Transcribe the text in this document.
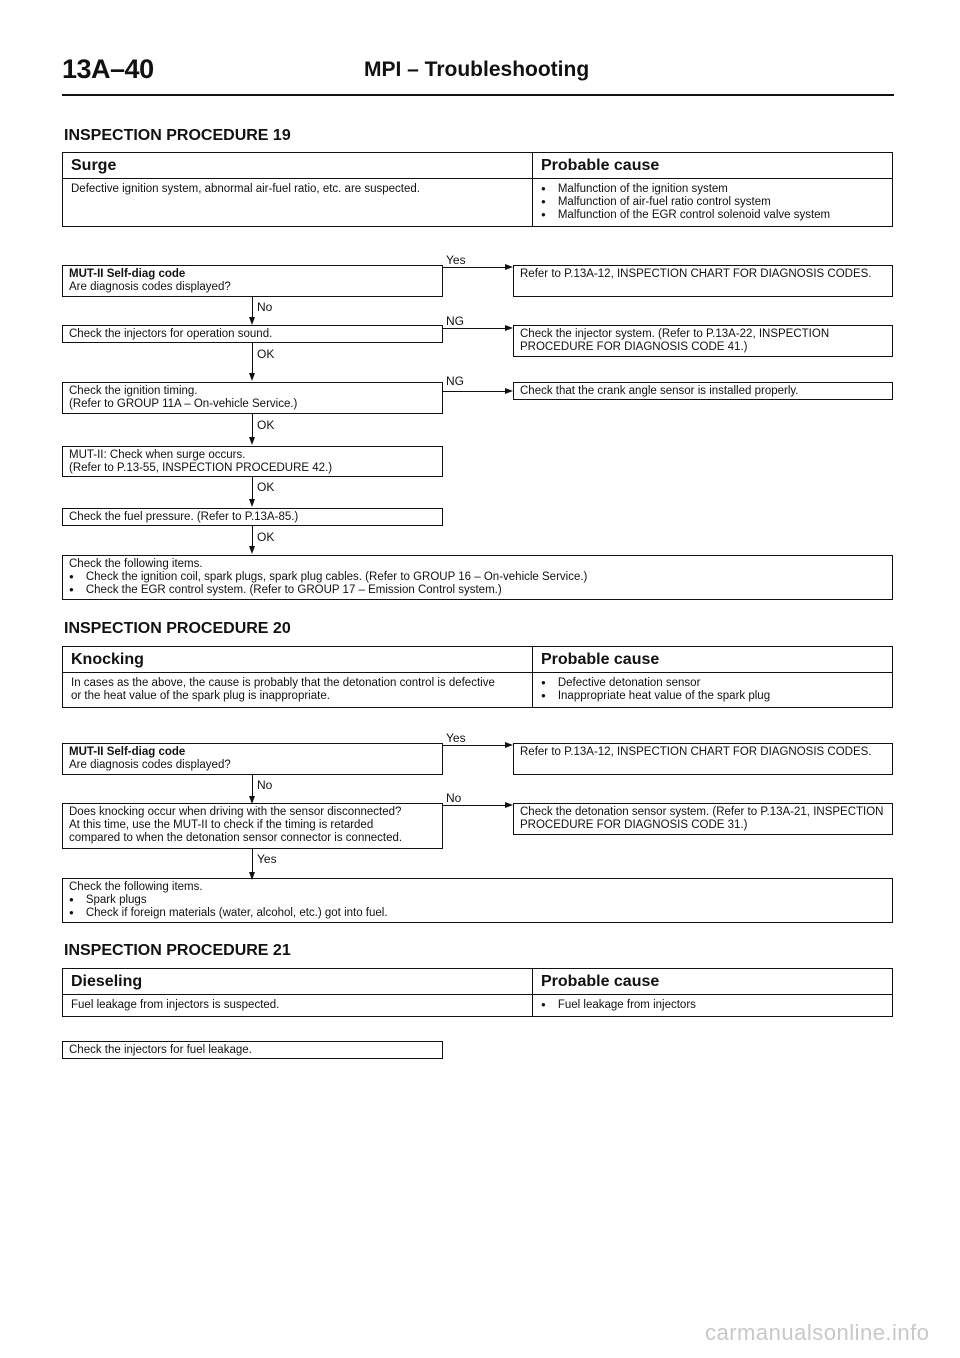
13A–40	MPI – Troubleshooting
INSPECTION PROCEDURE 19
Surge	Probable cause
Defective ignition system, abnormal air-fuel ratio, etc. are suspected.	● Malfunction of the ignition system
● Malfunction of air-fuel ratio control system
● Malfunction of the EGR control solenoid valve system
MUT-II Self-diag code
Are diagnosis codes displayed?
Yes
Refer to P.13A-12, INSPECTION CHART FOR DIAGNOSIS CODES.
No
Check the injectors for operation sound.
NG
Check the injector system. (Refer to P.13A-22, INSPECTION PROCEDURE FOR DIAGNOSIS CODE 41.)
OK
Check the ignition timing.
(Refer to GROUP 11A – On-vehicle Service.)
NG
Check that the crank angle sensor is installed properly.
OK
MUT-II: Check when surge occurs.
(Refer to P.13-55, INSPECTION PROCEDURE 42.)
OK
Check the fuel pressure. (Refer to P.13A-85.)
OK
Check the following items.
● Check the ignition coil, spark plugs, spark plug cables. (Refer to GROUP 16 – On-vehicle Service.)
● Check the EGR control system. (Refer to GROUP 17 – Emission Control system.)
INSPECTION PROCEDURE 20
Knocking	Probable cause
In cases as the above, the cause is probably that the detonation control is defective
or the heat value of the spark plug is inappropriate.
● Defective detonation sensor
● Inappropriate heat value of the spark plug
MUT-II Self-diag code
Are diagnosis codes displayed?
Yes
Refer to P.13A-12, INSPECTION CHART FOR DIAGNOSIS CODES.
No
Does knocking occur when driving with the sensor disconnected?
At this time, use the MUT-II to check if the timing is retarded
compared to when the detonation sensor connector is connected.
No
Check the detonation sensor system. (Refer to P.13A-21, INSPECTION PROCEDURE FOR DIAGNOSIS CODE 31.)
Yes
Check the following items.
● Spark plugs
● Check if foreign materials (water, alcohol, etc.) got into fuel.
INSPECTION PROCEDURE 21
Dieseling	Probable cause
Fuel leakage from injectors is suspected.	● Fuel leakage from injectors
Check the injectors for fuel leakage.
carmanualsonline.info
